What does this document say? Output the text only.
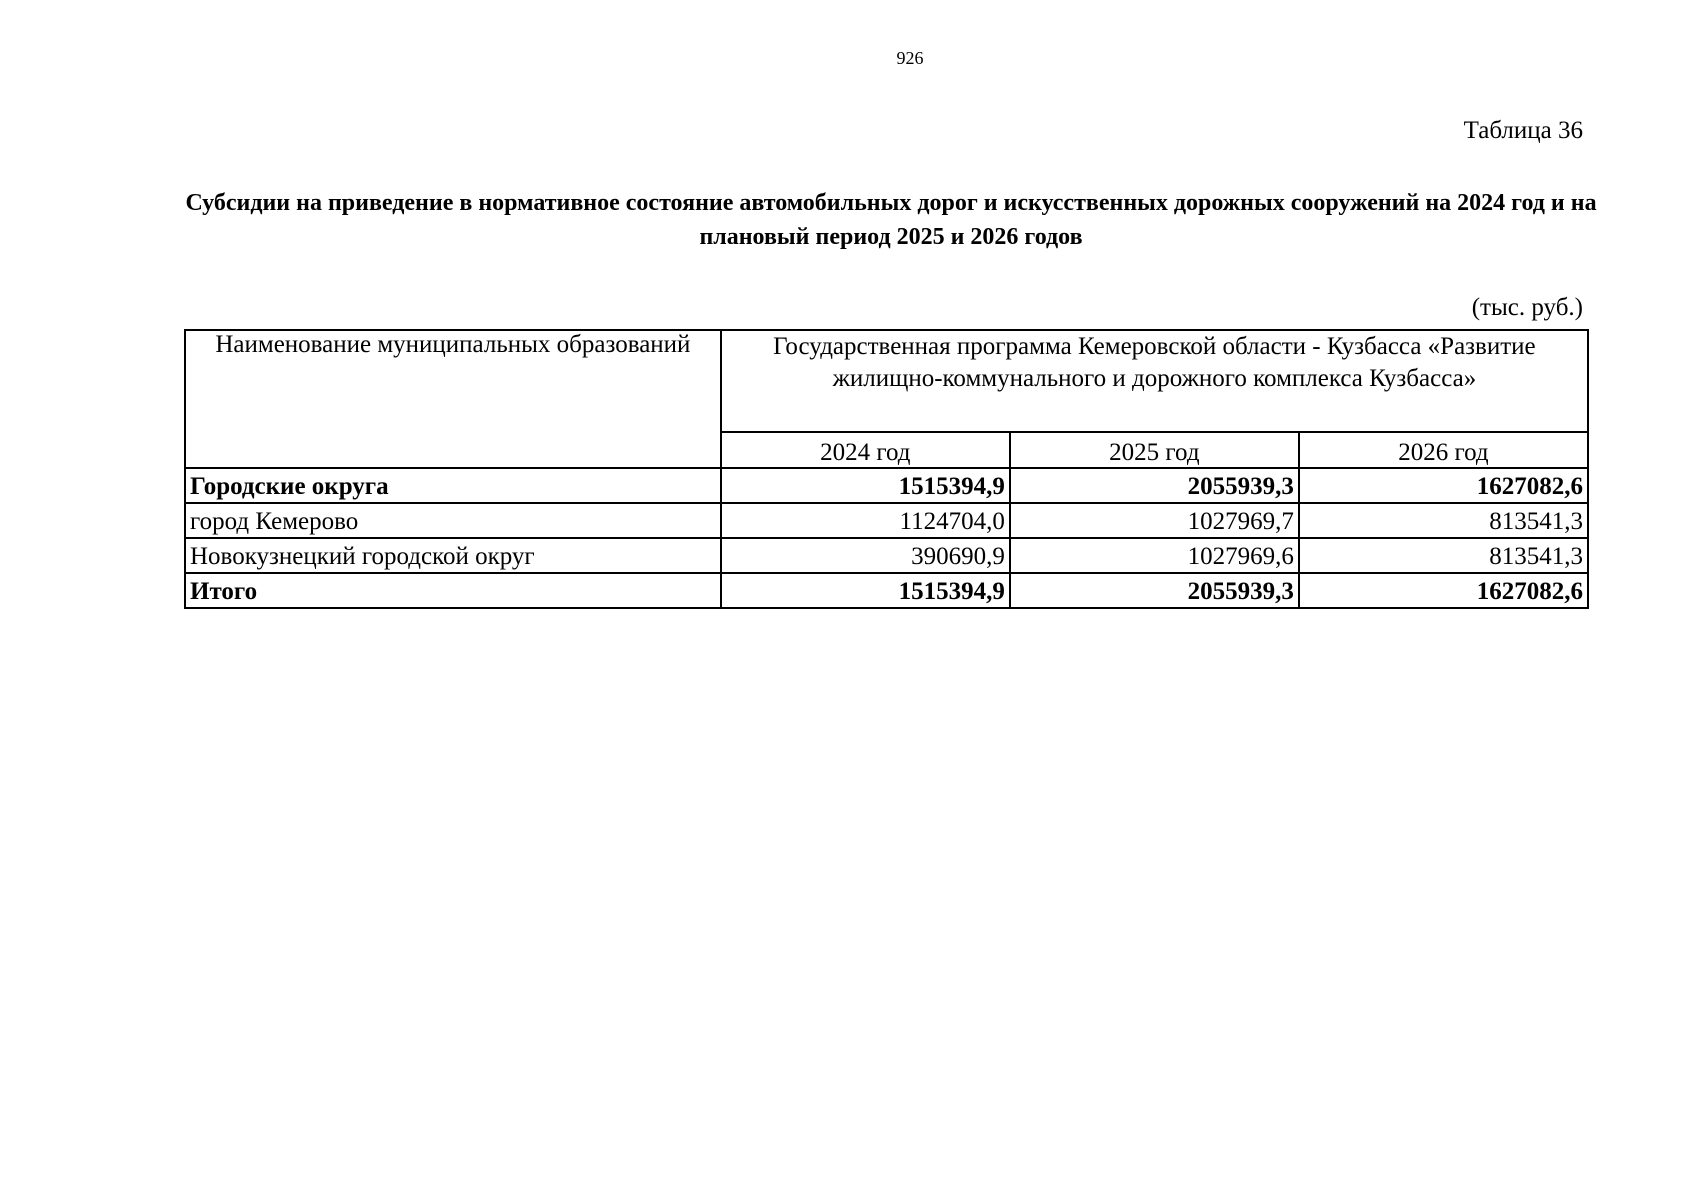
926
Таблица 36
Субсидии на приведение в нормативное состояние автомобильных дорог и искусственных дорожных сооружений на 2024 год и на плановый период 2025 и 2026 годов
(тыс. руб.)
Наименование муниципальных образований	Государственная программа Кемеровской области - Кузбасса «Развитие жилищно-коммунального и дорожного комплекса Кузбасса»		
	2024 год	2025 год	2026 год
Городские округа	1515394,9	2055939,3	1627082,6
город Кемерово	1124704,0	1027969,7	813541,3
Новокузнецкий городской округ	390690,9	1027969,6	813541,3
Итого	1515394,9	2055939,3	1627082,6
